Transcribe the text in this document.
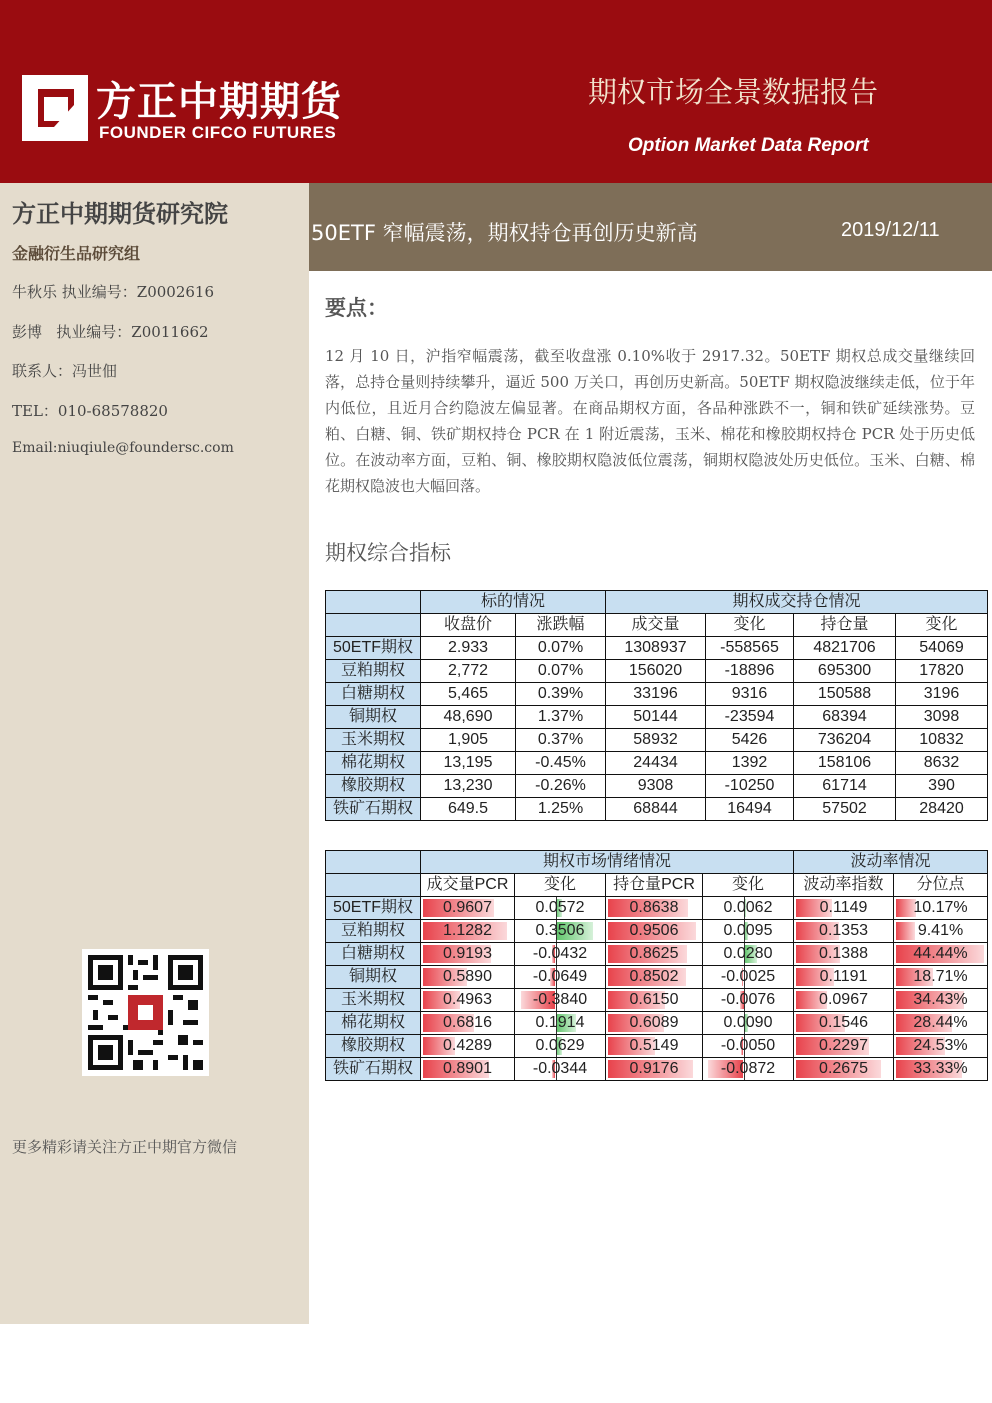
方正中期期货
FOUNDER CIFCO FUTURES
期权市场全景数据报告
Option Market Data Report
方正中期期货研究院
金融衍生品研究组
牛秋乐 执业编号：Z0002616
彭博   执业编号：Z0011662
联系人：冯世佃
TEL：010-68578820
Email:niuqiule@foundersc.com
更多精彩请关注方正中期官方微信
50ETF 窄幅震荡，期权持仓再创历史新高	2019/12/11
要点：
12 月 10 日，沪指窄幅震荡，截至收盘涨 0.10%收于 2917.32。50ETF 期权总成交量继续回落，总持仓量则持续攀升，逼近 500 万关口，再创历史新高。50ETF 期权隐波继续走低，位于年内低位，且近月合约隐波左偏显著。在商品期权方面，各品种涨跌不一，铜和铁矿延续涨势。豆粕、白糖、铜、铁矿期权持仓 PCR 在 1 附近震荡，玉米、棉花和橡胶期权持仓 PCR 处于历史低位。在波动率方面，豆粕、铜、橡胶期权隐波低位震荡，铜期权隐波处历史低位。玉米、白糖、棉花期权隐波也大幅回落。
期权综合指标
	标的情况		期权成交持仓情况			
	收盘价	涨跌幅	成交量	变化	持仓量	变化
50ETF期权	2.933	0.07%	1308937	-558565	4821706	54069
豆粕期权	2,772	0.07%	156020	-18896	695300	17820
白糖期权	5,465	0.39%	33196	9316	150588	3196
铜期权	48,690	1.37%	50144	-23594	68394	3098
玉米期权	1,905	0.37%	58932	5426	736204	10832
棉花期权	13,195	-0.45%	24434	1392	158106	8632
橡胶期权	13,230	-0.26%	9308	-10250	61714	390
铁矿石期权	649.5	1.25%	68844	16494	57502	28420
	期权市场情绪情况				波动率情况	
	成交量PCR	变化	持仓量PCR	变化	波动率指数	分位点
50ETF期权	0.9607	0.0572	0.8638	0.0062	0.1149	10.17%

豆粕期权	1.1282	0.3506	0.9506	0.0095	0.1353	9.41%

白糖期权	0.9193	-0.0432	0.8625	0.0280	0.1388	44.44%

铜期权	0.5890	-0.0649	0.8502	-0.0025	0.1191	18.71%

玉米期权	0.4963	-0.3840	0.6150	-0.0076	0.0967	34.43%

棉花期权	0.6816	0.1914	0.6089	0.0090	0.1546	28.44%

橡胶期权	0.4289	0.0629	0.5149	-0.0050	0.2297	24.53%

铁矿石期权	0.8901	-0.0344	0.9176	-0.0872	0.2675	33.33%
